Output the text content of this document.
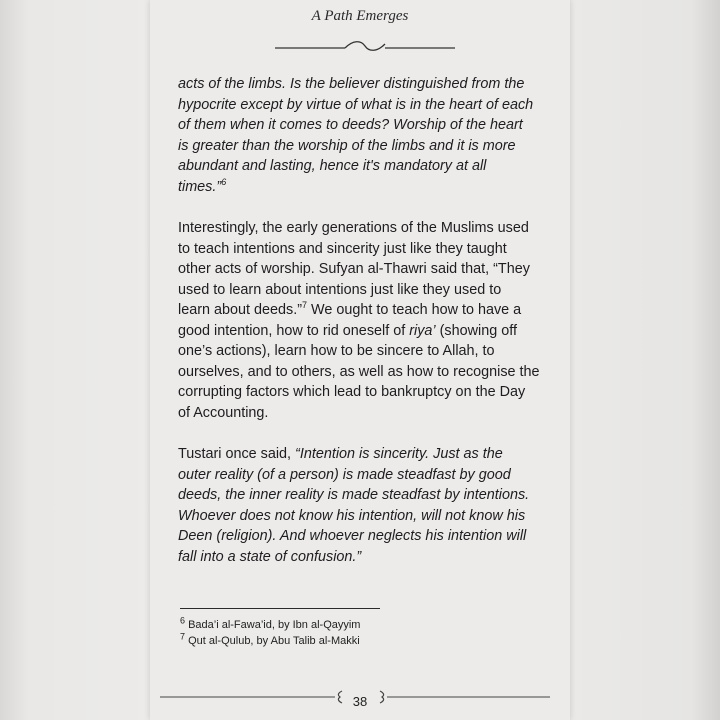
A Path Emerges
acts of the limbs. Is the believer distinguished from the
hypocrite except by virtue of what is in the heart of each
of them when it comes to deeds? Worship of the heart
is greater than the worship of the limbs and it is more
abundant and lasting, hence it's mandatory at all
times.”$^6$
Interestingly, the early generations of the Muslims used
to teach intentions and sincerity just like they taught
other acts of worship. Sufyan al-Thawri said that, “They
used to learn about intentions just like they used to
learn about deeds.”$^7$ We ought to teach how to have a
good intention, how to rid oneself of riya’ (showing off
one’s actions), learn how to be sincere to Allah, to
ourselves, and to others, as well as how to recognise the
corrupting factors which lead to bankruptcy on the Day
of Accounting.
Tustari once said, “Intention is sincerity. Just as the
outer reality (of a person) is made steadfast by good
deeds, the inner reality is made steadfast by intentions.
Whoever does not know his intention, will not know his
Deen (religion). And whoever neglects his intention will
fall into a state of confusion.”
$^6$ Bada’i al-Fawa’id, by Ibn al-Qayyim
$^7$ Qut al-Qulub, by Abu Talib al-Makki
38
